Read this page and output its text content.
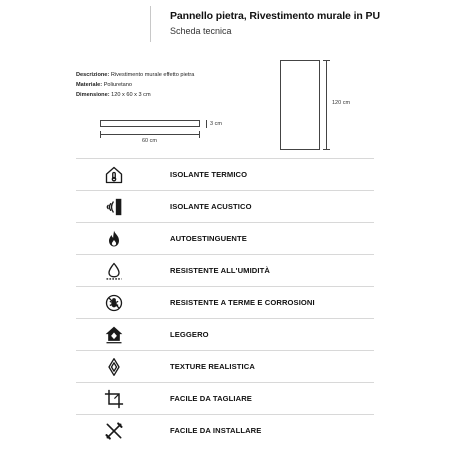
Pannello pietra, Rivestimento murale in PU
Scheda tecnica
Descrizione: Rivestimento murale effetto pietra
Materiale: Poliuretano
Dimensione: 120 x 60 x 3 cm
60 cm
3 cm
120 cm
ISOLANTE TERMICO
ISOLANTE ACUSTICO
AUTOESTINGUENTE
RESISTENTE ALL'UMIDITÀ
RESISTENTE A TERME E CORROSIONI
LEGGERO
TEXTURE REALISTICA
FACILE DA TAGLIARE
FACILE DA INSTALLARE
